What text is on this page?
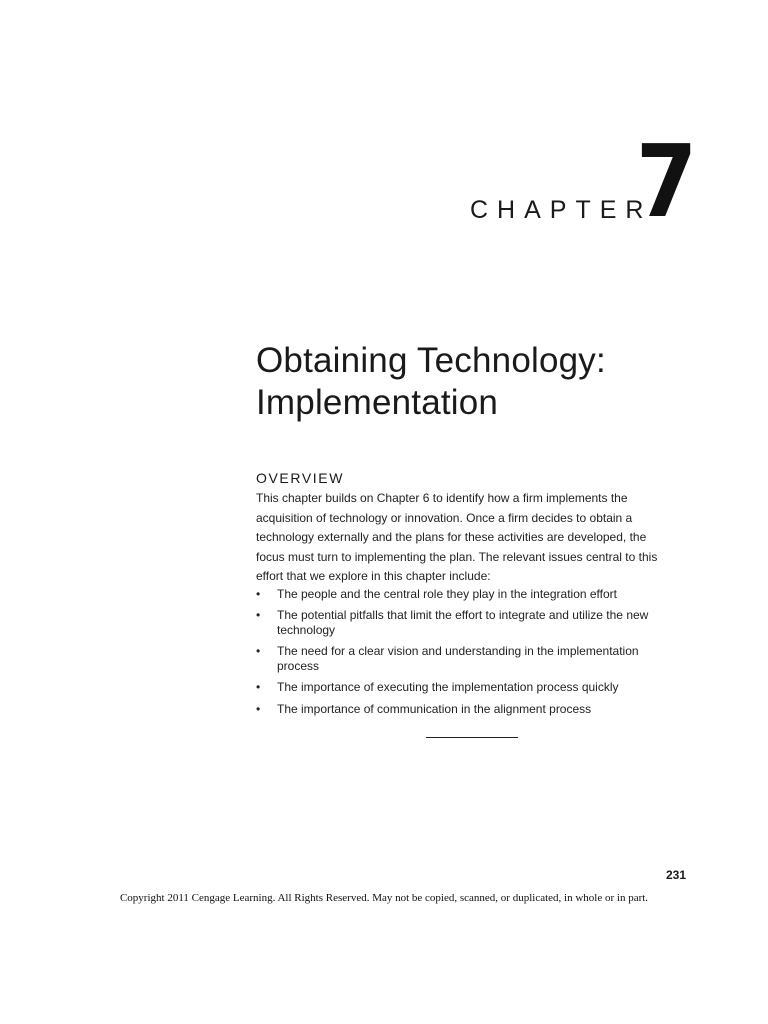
CHAPTER
7
Obtaining Technology:
Implementation
OVERVIEW

This chapter builds on Chapter 6 to identify how a firm implements the acquisition of technology or innovation. Once a firm decides to obtain a technology externally and the plans for these activities are developed, the focus must turn to implementing the plan. The relevant issues central to this effort that we explore in this chapter include:

• The people and the central role they play in the integration effort
• The potential pitfalls that limit the effort to integrate and utilize the new technology
• The need for a clear vision and understanding in the implementation process
• The importance of executing the implementation process quickly
• The importance of communication in the alignment process
231
Copyright 2011 Cengage Learning. All Rights Reserved. May not be copied, scanned, or duplicated, in whole or in part.
